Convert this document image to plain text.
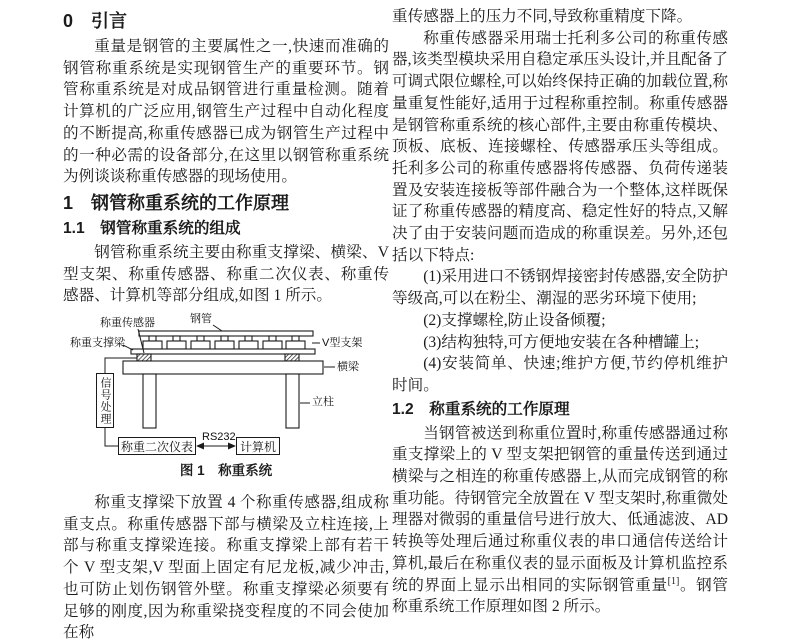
0　引言

重量是钢管的主要属性之一,快速而准确的钢管称重系统是实现钢管生产的重要环节。钢管称重系统是对成品钢管进行重量检测。随着计算机的广泛应用,钢管生产过程中自动化程度的不断提高,称重传感器已成为钢管生产过程中的一种必需的设备部分,在这里以钢管称重系统为例谈谈称重传感器的现场使用。

1　钢管称重系统的工作原理
1.1　钢管称重系统的组成

钢管称重系统主要由称重支撑梁、横梁、V 型支架、称重传感器、称重二次仪表、称重传感器、计算机等部分组成,如图 1 所示。

钢管
称重传感器
称重支撑梁	V型支架
横梁
立柱
RS232
信号处理
称重二次仪表	计算机
图 1　称重系统

称重支撑梁下放置 4 个称重传感器,组成称重支点。称重传感器下部与横梁及立柱连接,上部与称重支撑梁连接。称重支撑梁上部有若干个 V 型支架,V 型面上固定有尼龙板,减少冲击,也可防止划伤钢管外壁。称重支撑梁必须要有足够的刚度,因为称重梁挠变程度的不同会使加在称

重传感器上的压力不同,导致称重精度下降。

称重传感器采用瑞士托利多公司的称重传感器,该类型模块采用自稳定承压头设计,并且配备了可调式限位螺栓,可以始终保持正确的加载位置,称量重复性能好,适用于过程称重控制。称重传感器是钢管称重系统的核心部件,主要由称重传模块、顶板、底板、连接螺栓、传感器承压头等组成。托利多公司的称重传感器将传感器、负荷传递装置及安装连接板等部件融合为一个整体,这样既保证了称重传感器的精度高、稳定性好的特点,又解决了由于安装问题而造成的称重误差。另外,还包括以下特点:

(1)采用进口不锈钢焊接密封传感器,安全防护等级高,可以在粉尘、潮湿的恶劣环境下使用;

(2)支撑螺栓,防止设备倾覆;

(3)结构独特,可方便地安装在各种槽罐上;

(4)安装简单、快速;维护方便,节约停机维护时间。

1.2　称重系统的工作原理

当钢管被送到称重位置时,称重传感器通过称重支撑梁上的 V 型支架把钢管的重量传送到通过横梁与之相连的称重传感器上,从而完成钢管的称重功能。待钢管完全放置在 V 型支架时,称重微处理器对微弱的重量信号进行放大、低通滤波、AD 转换等处理后通过称重仪表的串口通信传送给计算机,最后在称重仪表的显示面板及计算机监控系统的界面上显示出相同的实际钢管重量[1]。钢管称重系统工作原理如图 2 所示。
